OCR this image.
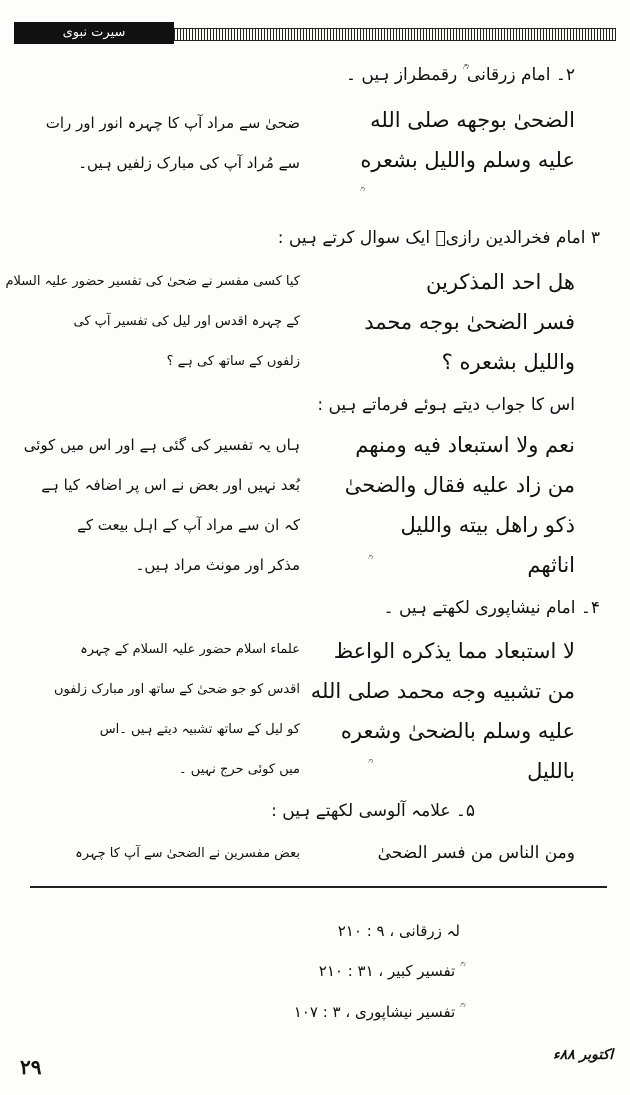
سیرت نبوی
۲۔ امام زرقانی ؒ رقمطراز ہیں ۔
الضحیٰ بوجهه صلی الله
علیه وسلم واللیل بشعره
ضحیٰ سے مراد آپ کا چہرہ انور اور رات
سے مُراد آپ کی مبارک زلفیں ہیں۔
۳ امام فخرالدین رازیؒ ایک سوال کرتے ہیں :
هل احد المذکرین
فسر الضحیٰ بوجه محمد
واللیل بشعره ؟
کیا کسی مفسر نے ضحیٰ کی تفسیر حضور علیہ السلام
کے چہرہ اقدس اور لیل کی تفسیر آپ کی
زلفوں کے ساتھ کی ہے ؟
اس کا جواب دیتے ہوئے فرماتے ہیں :
نعم ولا استبعاد فیه ومنهم
من زاد علیه فقال والضحیٰ
ذکو راهل بیته واللیل
اناثهم
ہاں یہ تفسیر کی گئی ہے اور اس میں کوئی
بُعد نہیں اور بعض نے اس پر اضافہ کیا ہے
کہ ان سے مراد آپ کے اہل بیعت کے
مذکر اور مونث مراد ہیں۔
۴۔ امام نیشاپوری لکھتے ہیں ۔
لا استبعاد مما یذکره الواعظ
من تشبیه وجه محمد صلی الله
علیه وسلم بالضحیٰ وشعره
باللیل
علماء اسلام حضور علیہ السلام کے چہرہ
اقدس کو جو ضحیٰ کے ساتھ اور مبارک زلفوں
کو لیل کے ساتھ تشبیہ دیتے ہیں ۔اس
میں کوئی حرج نہیں ۔
۵۔ علامہ آلوسی لکھتے ہیں :
ومن الناس من فسر الضحیٰ
بعض مفسرین نے الضحیٰ سے آپ کا چہرہ
لہ زرقانی ، ۹ : ۲۱۰
ؒ تفسیر کبیر ، ۳۱ : ۲۱۰
ؒ تفسیر نیشاپوری ، ۳ : ۱۰۷
۲۹	اکتوبر ۸۸ء
